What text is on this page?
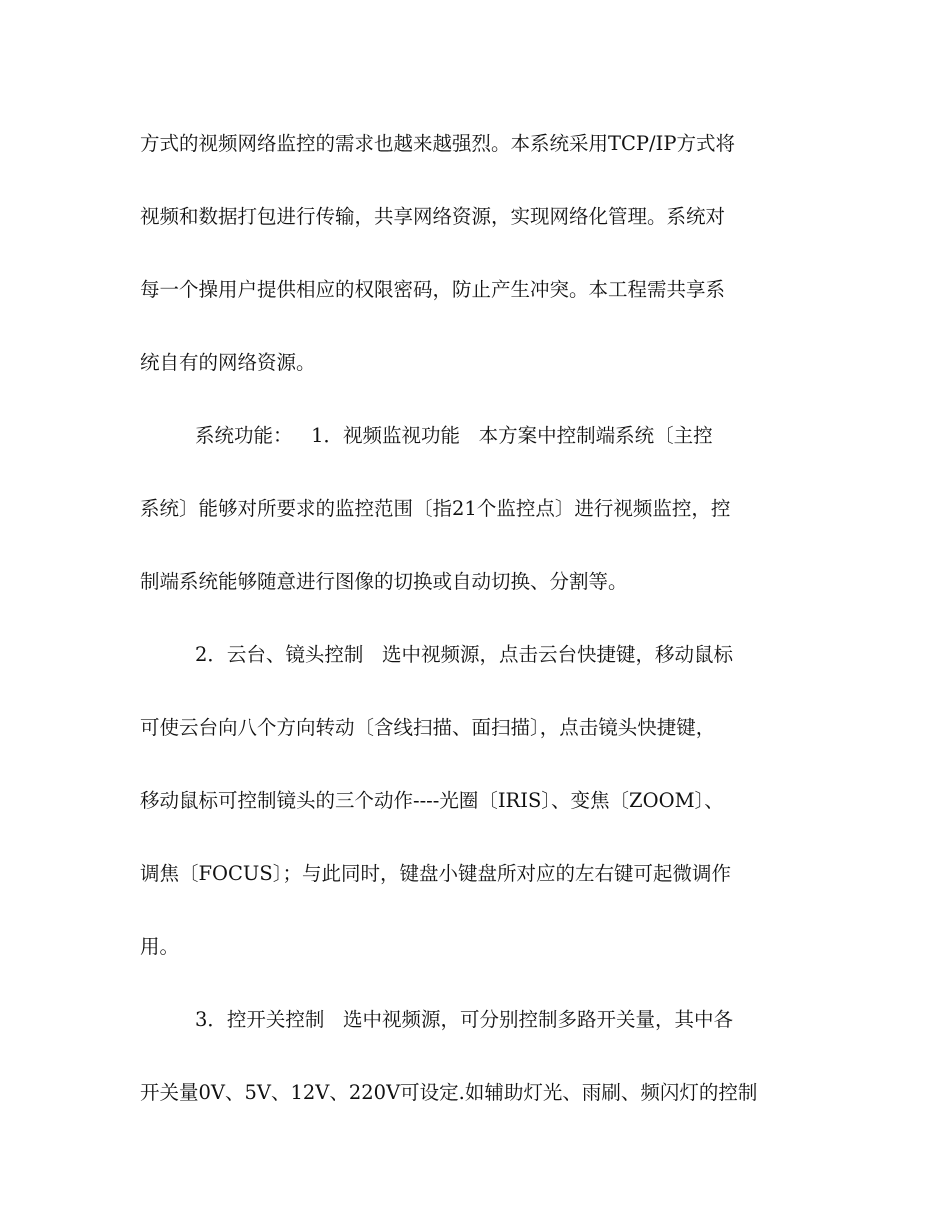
方式的视频网络监控的需求也越来越强烈。本系统采用TCP/IP方式将
视频和数据打包进行传输，共享网络资源，实现网络化管理。系统对
每一个操用户提供相应的权限密码，防止产生冲突。本工程需共享系
统自有的网络资源。
系统功能：   1．视频监视功能   本方案中控制端系统〔主控
系统〕能够对所要求的监控范围〔指21个监控点〕进行视频监控，控
制端系统能够随意进行图像的切换或自动切换、分割等。
2．云台、镜头控制   选中视频源，点击云台快捷键，移动鼠标
可使云台向八个方向转动〔含线扫描、面扫描〕，点击镜头快捷键，
移动鼠标可控制镜头的三个动作----光圈〔IRIS〕、变焦〔ZOOM〕、
调焦〔FOCUS〕；与此同时，键盘小键盘所对应的左右键可起微调作
用。
3．控开关控制   选中视频源，可分别控制多路开关量，其中各
开关量0V、5V、12V、220V可设定.如辅助灯光、雨刷、频闪灯的控制
